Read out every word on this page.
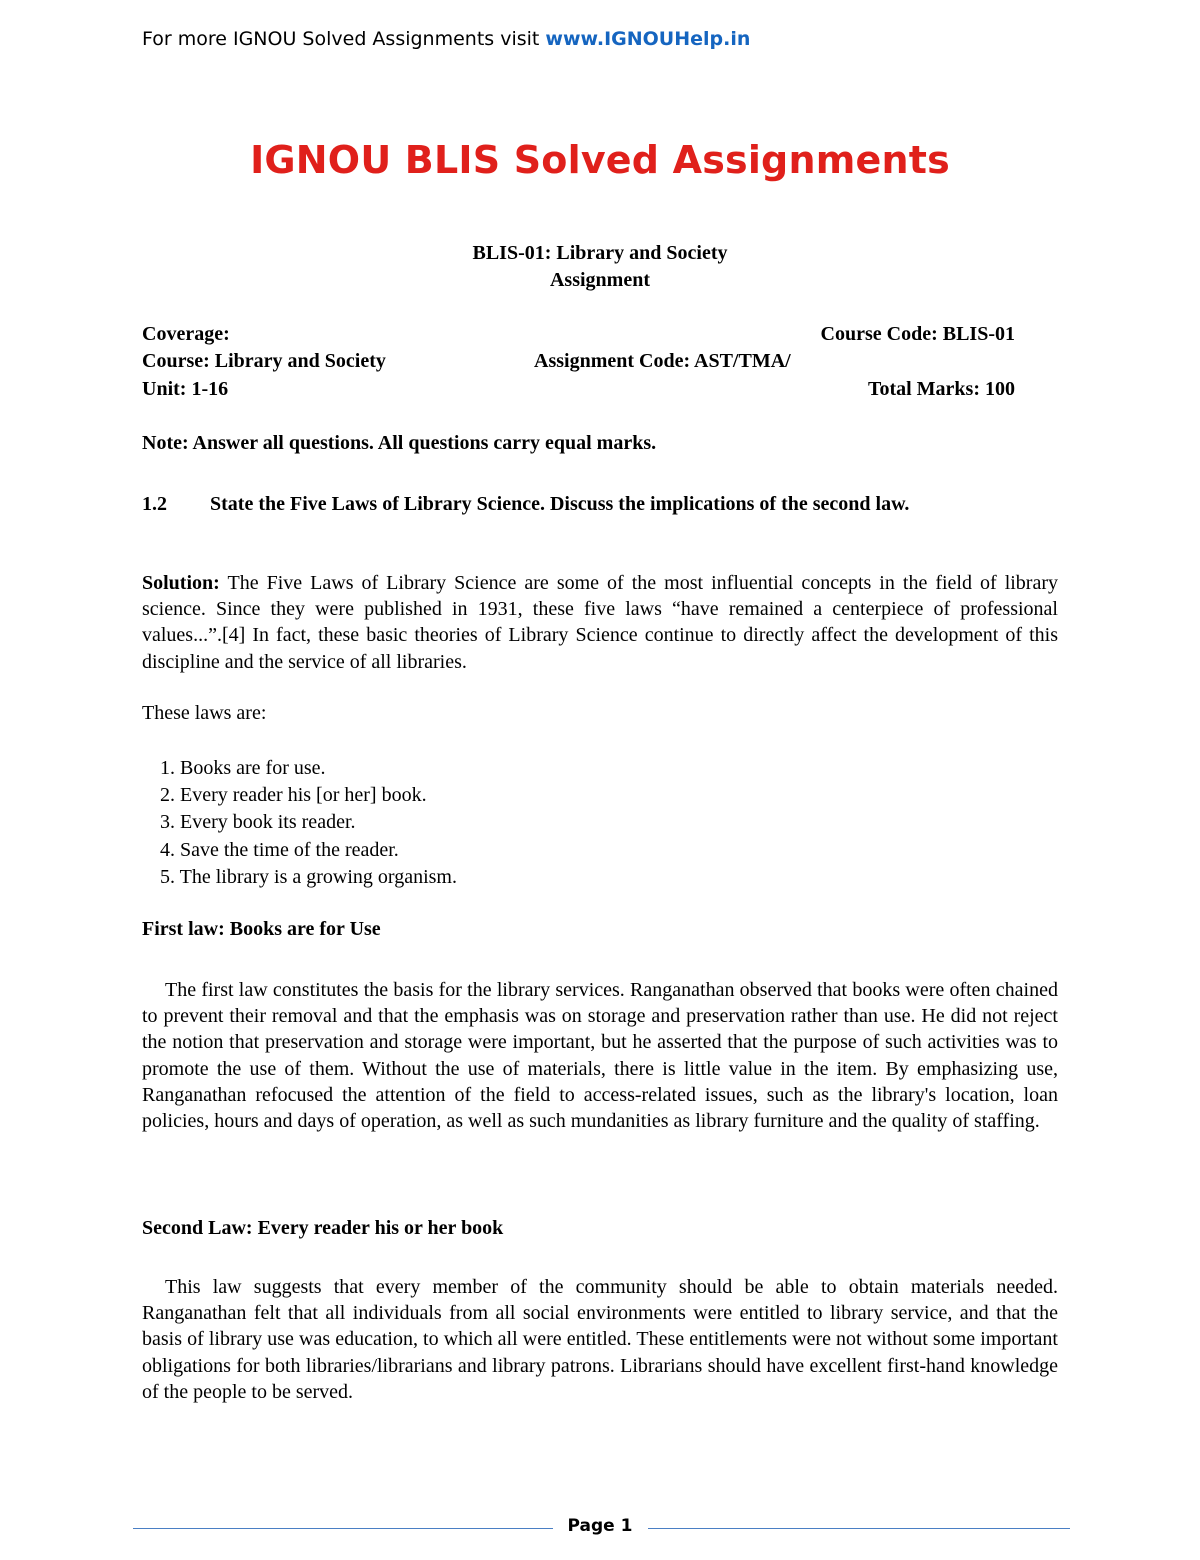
For more IGNOU Solved Assignments visit www.IGNOUHelp.in
IGNOU BLIS Solved Assignments
BLIS-01: Library and Society
Assignment
Coverage:	Course Code: BLIS-01
Course: Library and Society	Assignment Code: AST/TMA/
Unit: 1-16	Total Marks: 100
Note: Answer all questions. All questions carry equal marks.
1.2 State the Five Laws of Library Science. Discuss the implications of the second law.
Solution: The Five Laws of Library Science are some of the most influential concepts in the field of library science. Since they were published in 1931, these five laws “have remained a centerpiece of professional values...”.[4] In fact, these basic theories of Library Science continue to directly affect the development of this discipline and the service of all libraries.
These laws are:
1. Books are for use.
2. Every reader his [or her] book.
3. Every book its reader.
4. Save the time of the reader.
5. The library is a growing organism.
First law: Books are for Use
The first law constitutes the basis for the library services. Ranganathan observed that books were often chained to prevent their removal and that the emphasis was on storage and preservation rather than use. He did not reject the notion that preservation and storage were important, but he asserted that the purpose of such activities was to promote the use of them. Without the use of materials, there is little value in the item. By emphasizing use, Ranganathan refocused the attention of the field to access-related issues, such as the library's location, loan policies, hours and days of operation, as well as such mundanities as library furniture and the quality of staffing.
Second Law: Every reader his or her book
This law suggests that every member of the community should be able to obtain materials needed. Ranganathan felt that all individuals from all social environments were entitled to library service, and that the basis of library use was education, to which all were entitled. These entitlements were not without some important obligations for both libraries/librarians and library patrons. Librarians should have excellent first-hand knowledge of the people to be served.
Page 1
